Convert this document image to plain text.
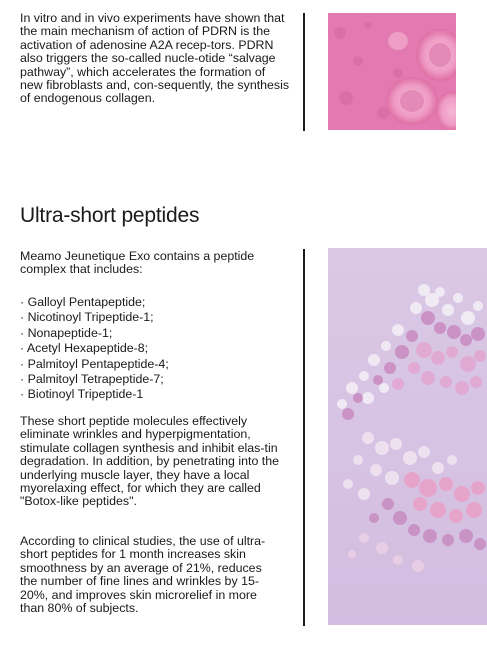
In vitro and in vivo experiments have shown that the main mechanism of action of PDRN is the activation of adenosine A2A recep-tors. PDRN also triggers the so-called nucle-otide “salvage pathway”, which accelerates the formation of new fibroblasts and, con-sequently, the synthesis of endogenous collagen.

Ultra-short peptides

Meamo Jeunetique Exo contains a peptide complex that includes:

· Galloyl Pentapeptide;
· Nicotinoyl Tripeptide-1;
· Nonapeptide-1;
· Acetyl Hexapeptide-8;
· Palmitoyl Pentapeptide-4;
· Palmitoyl Tetrapeptide-7;
· Biotinoyl Tripeptide-1

These short peptide molecules effectively eliminate wrinkles and hyperpigmentation, stimulate collagen synthesis and inhibit elas-tin degradation. In addition, by penetrating into the underlying muscle layer, they have a local myorelaxing effect, for which they are called "Botox-like peptides".

According to clinical studies, the use of ultra-short peptides for 1 month increases skin smoothness by an average of 21%, reduces the number of fine lines and wrinkles by 15-20%, and improves skin microrelief in more than 80% of subjects.
